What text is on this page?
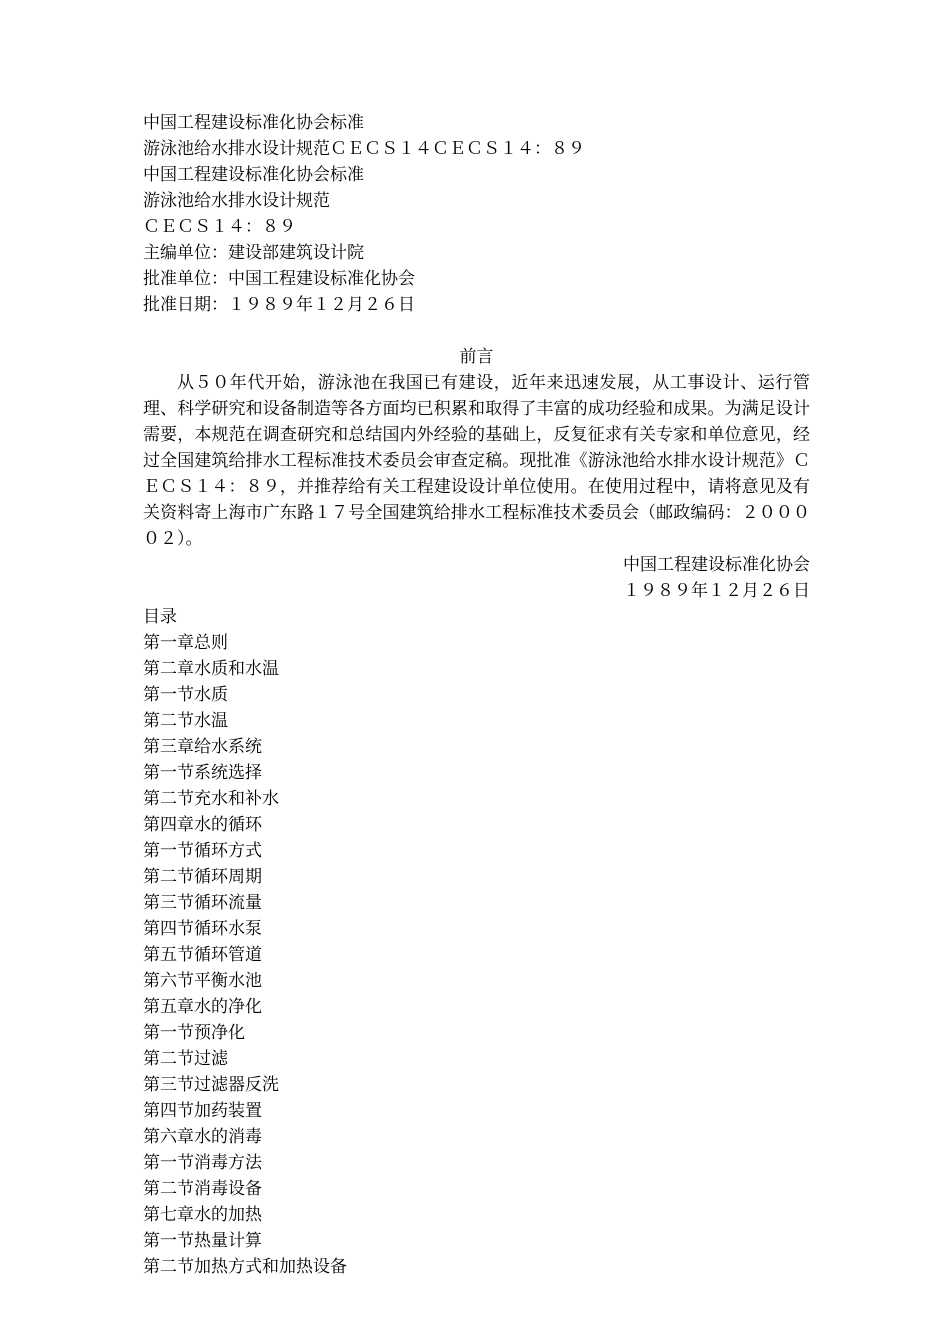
中国工程建设标准化协会标准
游泳池给水排水设计规范ＣＥＣＳ１４ＣＥＣＳ１４：８９
中国工程建设标准化协会标准
游泳池给水排水设计规范
ＣＥＣＳ１４：８９
主编单位：建设部建筑设计院
批准单位：中国工程建设标准化协会
批准日期：１９８９年１２月２６日
前言

从５０年代开始，游泳池在我国已有建设，近年来迅速发展，从工事设计、运行管理、科学研究和设备制造等各方面均已积累和取得了丰富的成功经验和成果。为满足设计需要，本规范在调查研究和总结国内外经验的基础上，反复征求有关专家和单位意见，经过全国建筑给排水工程标准技术委员会审查定稿。现批准《游泳池给水排水设计规范》ＣＥＣＳ１４：８９，并推荐给有关工程建设设计单位使用。在使用过程中，请将意见及有关资料寄上海市广东路１７号全国建筑给排水工程标准技术委员会（邮政编码：２００００２）。

中国工程建设标准化协会
１９８９年１２月２６日
目录
第一章总则
第二章水质和水温
第一节水质
第二节水温
第三章给水系统
第一节系统选择
第二节充水和补水
第四章水的循环
第一节循环方式
第二节循环周期
第三节循环流量
第四节循环水泵
第五节循环管道
第六节平衡水池
第五章水的净化
第一节预净化
第二节过滤
第三节过滤器反洗
第四节加药装置
第六章水的消毒
第一节消毒方法
第二节消毒设备
第七章水的加热
第一节热量计算
第二节加热方式和加热设备
